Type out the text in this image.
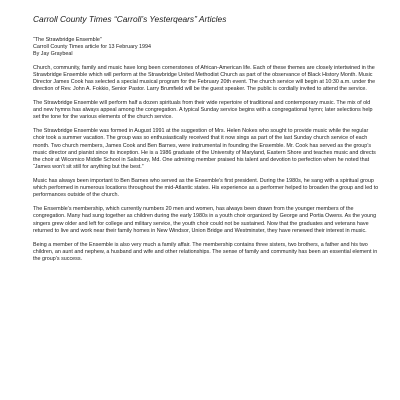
Carroll County Times “Carroll’s Yesterqears” Articles
“The Strawbridge Ensemble”
Carroll County Times article for 13 February 1994
By Jay Graybeal

Church, community, family and music have long been cornerstones of African-American life. Each of these themes are closely intertwined in the Strawbridge Ensemble which will perform at the Strawbridge United Methodist Church as part of the observance of Black History Month. Music Director James Cook has selected a special musical program for the February 20th event. The church service will begin at 10:30 a.m. under the direction of Rev. John A. Fokkio, Senior Pastor. Larry Brumfield will be the guest speaker. The public is cordially invited to attend the service.

The Strawbridge Ensemble will perform half a dozen spirituals from their wide repertoire of traditional and contemporary music. The mix of old and new hymns has always appeal among the congregation. A typical Sunday service begins with a congregational hymn; later selections help set the tone for the various elements of the church service.

The Strawbridge Ensemble was formed in August 1991 at the suggestion of Mrs. Helen Nokes who sought to provide music while the regular choir took a summer vacation. The group was so enthusiastically received that it now sings as part of the last Sunday church service of each month. Two church members, James Cook and Ben Barnes, were instrumental in founding the Ensemble. Mr. Cook has served as the group’s music director and pianist since its inception. He is a 1986 graduate of the University of Maryland, Eastern Shore and teaches music and directs the choir at Wicomico Middle School in Salisbury, Md. One admiring member praised his talent and devotion to perfection when he noted that “James won’t sit still for anything but the best.”

Music has always been important to Ben Barnes who served as the Ensemble’s first president. During the 1980s, he sang with a spiritual group which performed in numerous locations throughout the mid-Atlantic states. His experience as a performer helped to broaden the group and led to performances outside of the church.

The Ensemble’s membership, which currently numbers 20 men and women, has always been drawn from the younger members of the congregation. Many had sung together as children during the early 1980s in a youth choir organized by George and Portia Owens. As the young singers grew older and left for college and military service, the youth choir could not be sustained. Now that the graduates and veterans have returned to live and work near their family homes in New Windsor, Union Bridge and Westminster, they have renewed their interest in music.

Being a member of the Ensemble is also very much a family affair. The membership contains three sisters, two brothers, a father and his two children, an aunt and nephew, a husband and wife and other relationships. The sense of family and community has been an essential element in the group’s success.
